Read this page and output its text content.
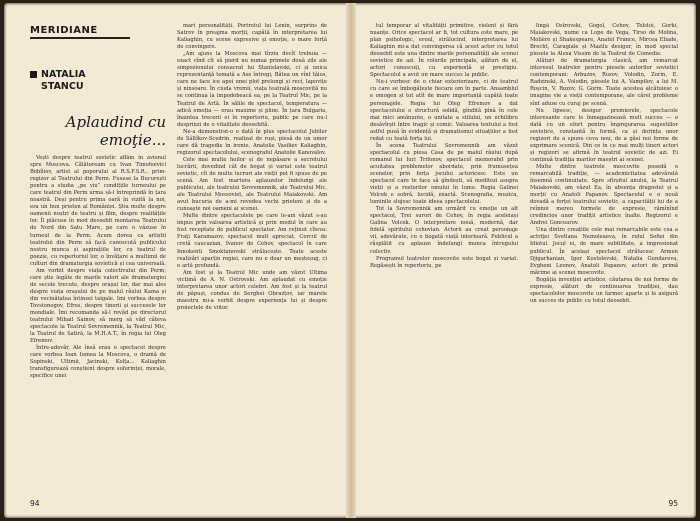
MERIDIANE
NATALIA
STANCU
Aplaudind cu emoţie...

Vești despre teatrul sovietic aflăm în avionul spre Moscova. Călătoream cu Ivan Timofeevici Bobîliov, artist al poporului al R.S.F.S.R., prim-regizor al Teatrului din Perm. Fusese la București pentru a studia „pe viu” condițiile turneului pe care teatrul din Perm urma să-l întreprindă în țara noastră. Deși pentru prima oară în vizită la noi, era un bun prieten al României. Știa multe despre oamenii noștri de teatru și film, despre realitățile lor. Îl plăcuse în mod deosebit montarea Teatrului de Nord din Satu Mare, pe care o văzuse în turneul de la Perm. Acum dorea ca artiștii teatrului din Perm să facă cunoscută publicului nostru munca și aspirațiile lor, cu teatrul de poezie, cu repertoriul lor, o învățare a multimii de culturi din dramaturgia sovietică și cea universală.

Am vorbit despre viața colectivului din Perm, care știe legăte de marile valori ale dramaturgiei de secole trecute, despre orașul lor, dar mai ales despre viața orașului de pe malul râului Kama și din vecinătatea întinsei taigale. Imi vorbea despre Tovstonogov, Efros, despre tinerii și succesele lor mondiale. Îmi recomanda să-l revăd pe directorul teatrului Mihail Sainov, să merg să văd câteva spectacole la Teatrul Sovremennik, la Teatrul Mic, la Teatrul de Satiră, la M.H.A.T., în regia lui Oleg Efremov.

Între-adevăr, Ale însă erau o spectacol despre care vorbea Ioan Iumea la Moscova, o dramă de Sopinski, Ultimii, Jacinski, Kolța... Kaliaghin transfigurează conștient despre suferinței, morale, specifice unei

mari personalități. Portretul lui Lenin, surprins de Satrov în preajma morții, capătă în interpretarea lui Kaliaghin, cu scene expresive și emoție, o mare forță de convingere.

„Am ajuns la Moscova mai tîrziu decît trebuia — exact cînd cît să pierd nu numai primele două zile ale simpozionului consacrat lui Stanislavski, ci și unica reprezentanță tomată a Ase întregi, Bătea un vînt tăios, care ne face ice apoi unei plot prelungi și reci, lapovițe și ninsoare. În ciuda vremii, viața teatrală moscovită nu se continua la impodobeacă ea, pe la Teatrul Mic, pe la Teatrul de Artă. În sălile de spectacol, temperatura — adică emoția — erau maxime și pline. În țara Bulgaria, înaintea trecerii ei în repertoriu, public pe care nu-l desprinzi de o vitalitate deosebită.

Ne-a demonstrat-o o dată în plus spectacolul Jubiler de Săltîkov-Scedrin, realizat de ruși, piesă de un umor care dă tragedie în ironie. Anatolie Vasiliev Kaliaghin, regizorul spectacolului, scenograful Anatolie Kanovalov.

Cele mai multe hoilor și de nepăsare a secretului lucrării, dovedind cât de bogat și variat este teatrul sovietic, cît de multe lucruri ale vieții pot fi spuse de pe scenă. Am fost martora aplauzelor îndelungi ale publicului, ale teatrului Sovremennik, ale Teatrului Mic, ale Teatrului Mossoviet, ale Teatrului Maiakovski. Am avut bucuria de a-mi revedea vechi prieteni și de a cunoaște noi oameni ai scenei.

Multe dintre spectacolele pe care le-am văzut s-au impus prin valoarea artistică și prin modul în care au fost receptate de publicul spectator. Am reținut cîteva: Frați Karamazov, spectacol mult apreciat, Cercul de cretă caucazian, Ivanov de Cehov, spectacol în care Innokenti Smoktunovski strălucește. Toate aceste realizări aparțin regiei, care nu e doar un meșteșug, ci o artă profundă.

Am fost și la Teatrul Mic unde am văzut Ultima victimă de A. N. Ostrovski. Am aplaudat cu emoție interpretarea unor actori celebri. Am fost și la teatrul de păpuși, condus de Serghei Obrazțov, iar marele maestru mi-a vorbit despre experiența lui și despre proiectele de viitor.

94

tul temporar al vitalității primitive, violent și fără nuanțe. Orice spectacol ar fi, tot cultura este mare, pe plan psihologic, eroul, strălucind, interpretarea lui Kaliaghin mi-a dat convingerea că acest actor cu totul deosebit este una dintre marile personalități ale scenei sovietice de azi. În rolurile principale, alături de el, actori cunoscuți, cu experiență și prestigiu. Spectacolul a avut un mare succes la public.

Nu-i vorbesc de o chiar exteriorizare, ci de teatrul cu care se îmbogățește fiecare om în parte. Ansamblul e omogen și tot atît de mare importanță capătă toate personajele. Regia lui Oleg Efremov a dat spectacolului o structură solidă, gîndită pînă în cele mai mici amănunte, o unitate a stilului, un echilibru desăvîrșit între tragic și comic. Valoarea textului a fost astfel pusă în evidență și dramatismul situațiilor a fost redat cu toată forța lui.

În scena Teatrului Sovremennik am văzut spectacolul cu piesa Casa de pe malul râului după romanul lui Iuri Trifonov, spectacol memorabil prin acuitatea problemelor abordate, prin frumusețea scenelor, prin forța jocului actoricesc. Este un spectacol care te face să gîndești, să meditezi asupra vieții și a rosturilor omului în lume. Regia Galinei Volcek e sobră, lucidă, exactă. Scenografia, muzica, luminile slujesc toate ideea spectacolului.

Tot la Sovremennik am urmărit cu emoție un alt spectacol, Trei surori de Cehov, în regia aceleiași Galina Volcek. O interpretare nouă, modernă, dar fidelă spiritului cehovian. Actorii au creat personaje vii, adevărate, cu o bogată viață interioară. Publicul a răsplătit cu aplauze îndelungi munca întregului colectiv.

Programul teatrelor moscovite este bogat și variat. Regăsești în repertoriu, pe

lîngă Ostrovski, Gogol, Cehov, Tolstoi, Gorki, Maiakovski, nume ca Lope de Vega, Tirso de Molina, Molière și Shakespeare, Anatol France, Mircea Eliade, Brecht, Caragiale și Mazilu desigur, în mod special piesele la Alexa Vissim de la Teatrul de Comedie.

Alături de dramaturgia clasică, am remarcat interesul teatrelor pentru piesele autorilor sovietici contemporani: Arbuzov, Rozov, Volodin, Zorin, E. Radzinski, A. Volodin, piesele lui A. Vampilov, a lui M. Roșcin, V. Rozov, G. Gorin. Toate acestea alcătuiesc o imagine vie a vieții contemporane, ale cărei probleme sînt aduse cu curaj pe scenă.

Nu lipsesc, desigur premierele, spectacole interesante care le înmagazinează mult succes — o dată cu un efort pentru împrejurarea sugestiilor sovietice, constantă în formă, ca și dorința unor regizori de a spune ceva nou, de a găsi noi forme de exprimare scenică. Din ce în ce mai mulți tineri actori și regizori se afirmă în teatrul sovietic de azi. Ei continuă tradiția marilor maeștri ai scenei.

Multe dintre teatrele moscovite posedă o remarcabilă tradiție, — academicitatea adevărată însemnă continuitate. Spre sfîrșitul anului, la Teatrul Maiakovski, am văzut Ea, în absența dragostei și a morții cu Anatoli Papanov. Spectacolul e o nouă dovadă a forței teatrului sovietic, a capacității lui de a reînnoi mereu formele de expresie, rămînînd credincios unor tradiții artistice înalte. Regizorul e Andrei Goncearov.

Una dintre creațiile cele mai remarcabile este cea a actriței Svetlana Nemoleaeva, în rolul Sofiei din Idiotul. Jocul ei, de mare subtilitate, a impresionat publicul. În același spectacol strălucesc Armen Djigarhanian, Igor Kostolevski, Natalia Gundareva, Evgheni Leonov, Anatoli Papanov, actori de primă mărime ai scenei moscovite.

Bogăția invenției artistice, căutarea de noi forme de expresie, alături de continuarea tradiției, dau spectacolelor moscovite un farmec aparte și le asigură un succes de public cu totul deosebit.

95
